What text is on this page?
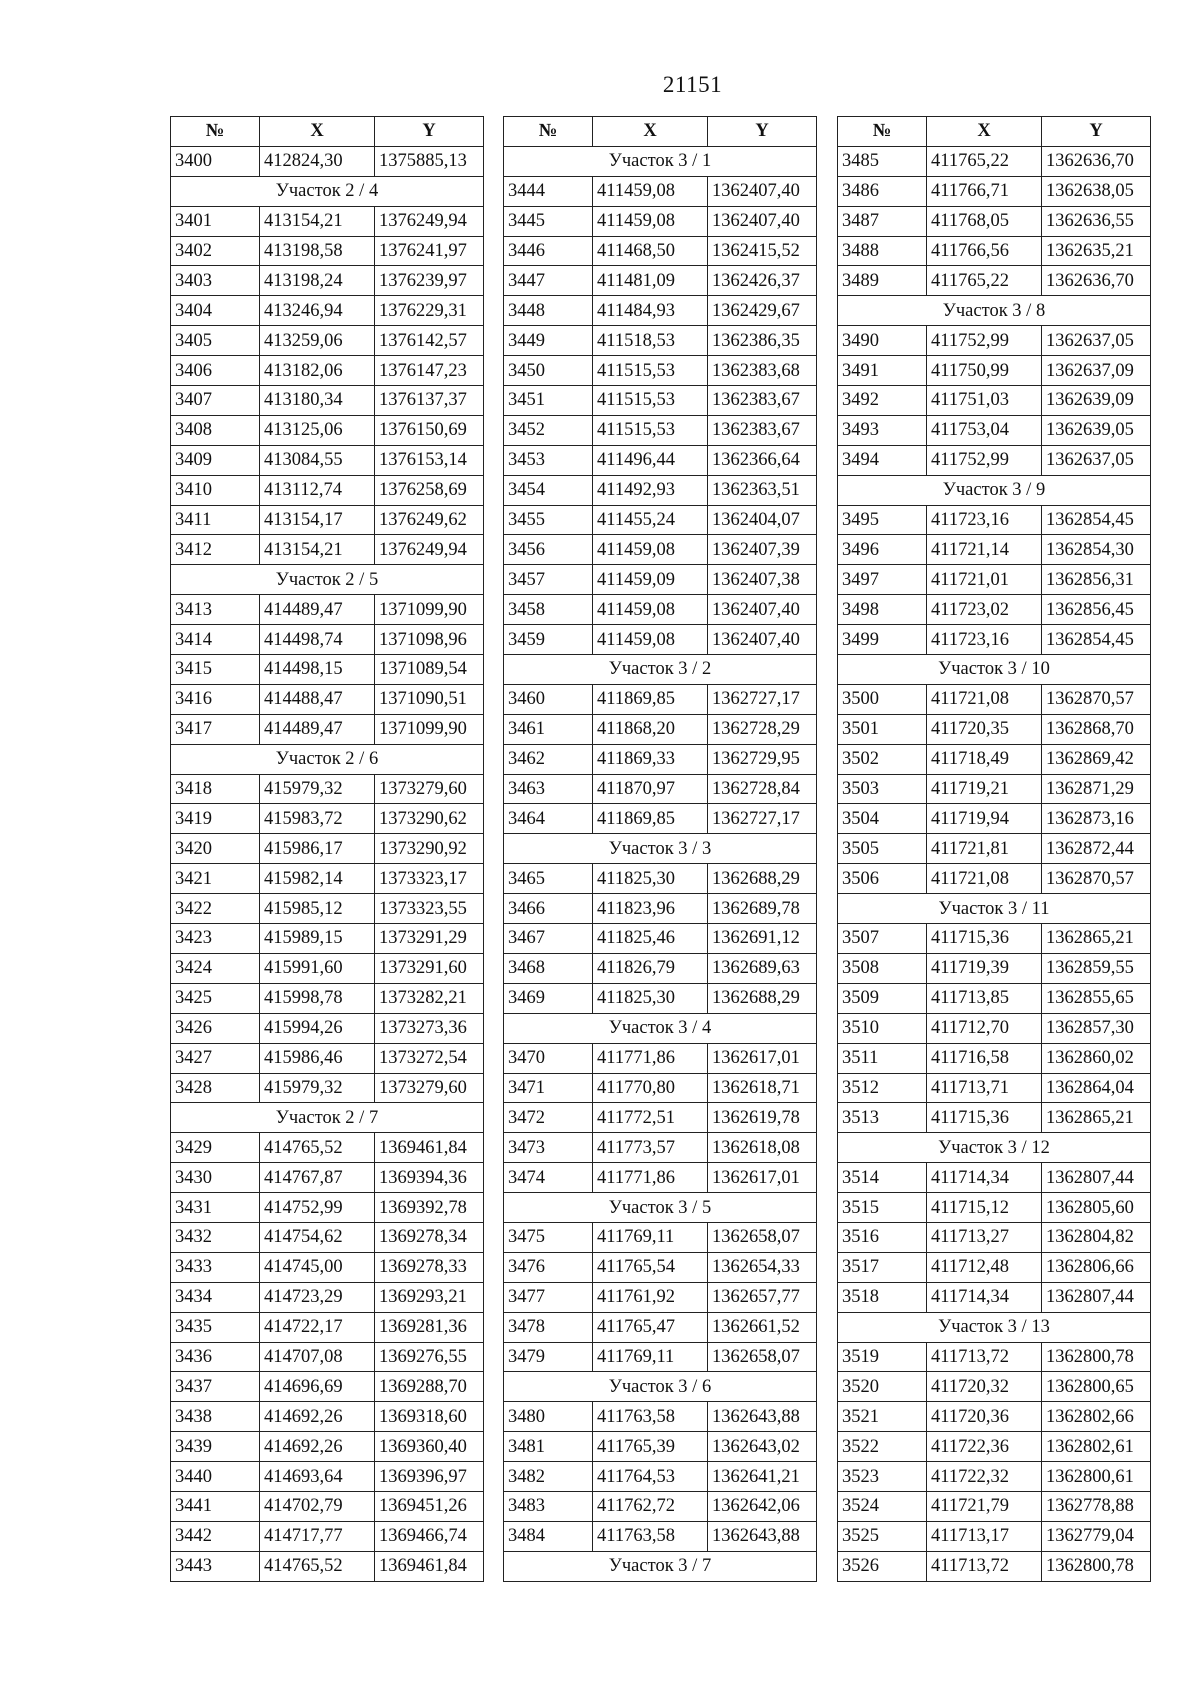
21151
№	X	Y
3400	412824,30	1375885,13
Участок 2 / 4		
3401	413154,21	1376249,94
3402	413198,58	1376241,97
3403	413198,24	1376239,97
3404	413246,94	1376229,31
3405	413259,06	1376142,57
3406	413182,06	1376147,23
3407	413180,34	1376137,37
3408	413125,06	1376150,69
3409	413084,55	1376153,14
3410	413112,74	1376258,69
3411	413154,17	1376249,62
3412	413154,21	1376249,94
Участок 2 / 5		
3413	414489,47	1371099,90
3414	414498,74	1371098,96
3415	414498,15	1371089,54
3416	414488,47	1371090,51
3417	414489,47	1371099,90
Участок 2 / 6		
3418	415979,32	1373279,60
3419	415983,72	1373290,62
3420	415986,17	1373290,92
3421	415982,14	1373323,17
3422	415985,12	1373323,55
3423	415989,15	1373291,29
3424	415991,60	1373291,60
3425	415998,78	1373282,21
3426	415994,26	1373273,36
3427	415986,46	1373272,54
3428	415979,32	1373279,60
Участок 2 / 7		
3429	414765,52	1369461,84
3430	414767,87	1369394,36
3431	414752,99	1369392,78
3432	414754,62	1369278,34
3433	414745,00	1369278,33
3434	414723,29	1369293,21
3435	414722,17	1369281,36
3436	414707,08	1369276,55
3437	414696,69	1369288,70
3438	414692,26	1369318,60
3439	414692,26	1369360,40
3440	414693,64	1369396,97
3441	414702,79	1369451,26
3442	414717,77	1369466,74
3443	414765,52	1369461,84
№	X	Y
Участок 3 / 1		
3444	411459,08	1362407,40
3445	411459,08	1362407,40
3446	411468,50	1362415,52
3447	411481,09	1362426,37
3448	411484,93	1362429,67
3449	411518,53	1362386,35
3450	411515,53	1362383,68
3451	411515,53	1362383,67
3452	411515,53	1362383,67
3453	411496,44	1362366,64
3454	411492,93	1362363,51
3455	411455,24	1362404,07
3456	411459,08	1362407,39
3457	411459,09	1362407,38
3458	411459,08	1362407,40
3459	411459,08	1362407,40
Участок 3 / 2		
3460	411869,85	1362727,17
3461	411868,20	1362728,29
3462	411869,33	1362729,95
3463	411870,97	1362728,84
3464	411869,85	1362727,17
Участок 3 / 3		
3465	411825,30	1362688,29
3466	411823,96	1362689,78
3467	411825,46	1362691,12
3468	411826,79	1362689,63
3469	411825,30	1362688,29
Участок 3 / 4		
3470	411771,86	1362617,01
3471	411770,80	1362618,71
3472	411772,51	1362619,78
3473	411773,57	1362618,08
3474	411771,86	1362617,01
Участок 3 / 5		
3475	411769,11	1362658,07
3476	411765,54	1362654,33
3477	411761,92	1362657,77
3478	411765,47	1362661,52
3479	411769,11	1362658,07
Участок 3 / 6		
3480	411763,58	1362643,88
3481	411765,39	1362643,02
3482	411764,53	1362641,21
3483	411762,72	1362642,06
3484	411763,58	1362643,88
Участок 3 / 7		
№	X	Y
3485	411765,22	1362636,70
3486	411766,71	1362638,05
3487	411768,05	1362636,55
3488	411766,56	1362635,21
3489	411765,22	1362636,70
Участок 3 / 8		
3490	411752,99	1362637,05
3491	411750,99	1362637,09
3492	411751,03	1362639,09
3493	411753,04	1362639,05
3494	411752,99	1362637,05
Участок 3 / 9		
3495	411723,16	1362854,45
3496	411721,14	1362854,30
3497	411721,01	1362856,31
3498	411723,02	1362856,45
3499	411723,16	1362854,45
Участок 3 / 10		
3500	411721,08	1362870,57
3501	411720,35	1362868,70
3502	411718,49	1362869,42
3503	411719,21	1362871,29
3504	411719,94	1362873,16
3505	411721,81	1362872,44
3506	411721,08	1362870,57
Участок 3 / 11		
3507	411715,36	1362865,21
3508	411719,39	1362859,55
3509	411713,85	1362855,65
3510	411712,70	1362857,30
3511	411716,58	1362860,02
3512	411713,71	1362864,04
3513	411715,36	1362865,21
Участок 3 / 12		
3514	411714,34	1362807,44
3515	411715,12	1362805,60
3516	411713,27	1362804,82
3517	411712,48	1362806,66
3518	411714,34	1362807,44
Участок 3 / 13		
3519	411713,72	1362800,78
3520	411720,32	1362800,65
3521	411720,36	1362802,66
3522	411722,36	1362802,61
3523	411722,32	1362800,61
3524	411721,79	1362778,88
3525	411713,17	1362779,04
3526	411713,72	1362800,78
